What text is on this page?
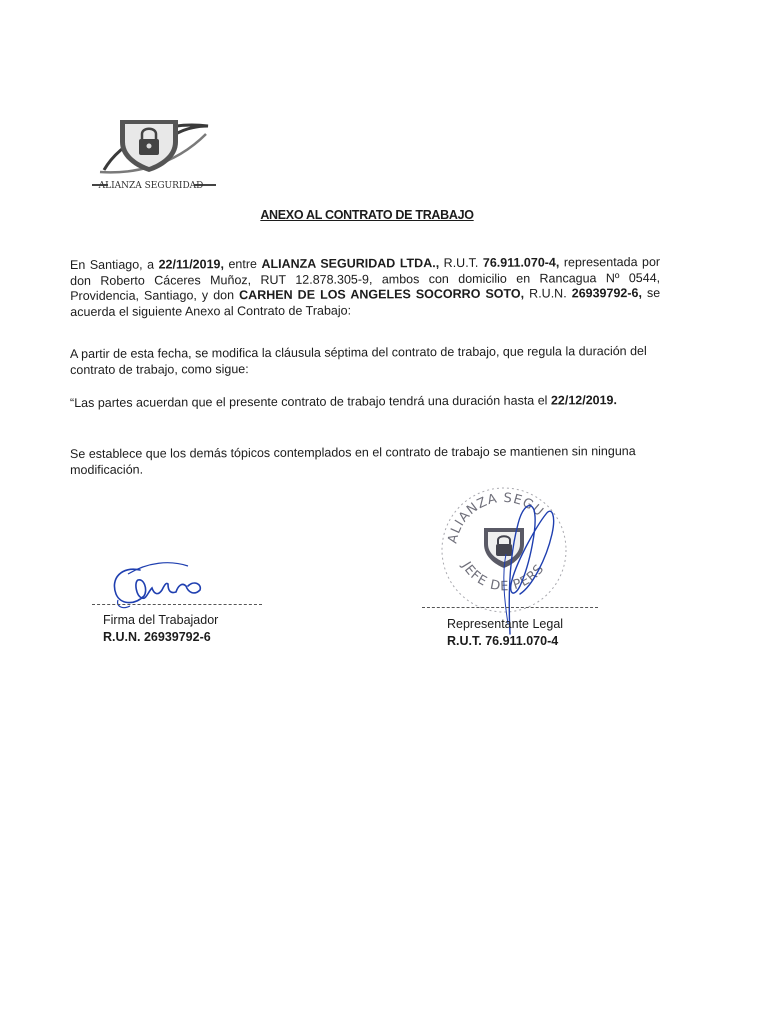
ALIANZA SEGURIDAD
ANEXO AL CONTRATO DE TRABAJO

En Santiago, a 22/11/2019, entre ALIANZA SEGURIDAD LTDA., R.U.T. 76.911.070-4, representada por don Roberto Cáceres Muñoz, RUT 12.878.305-9, ambos con domicilio en Rancagua Nº 0544, Providencia, Santiago, y don CARHEN DE LOS ANGELES SOCORRO SOTO, R.U.N. 26939792-6, se acuerda el siguiente Anexo al Contrato de Trabajo:

A partir de esta fecha, se modifica la cláusula séptima del contrato de trabajo, que regula la duración del contrato de trabajo, como sigue:

“Las partes acuerdan que el presente contrato de trabajo tendrá una duración hasta el 22/12/2019.

Se establece que los demás tópicos contemplados en el contrato de trabajo se mantienen sin ninguna modificación.

ALIANZA SEGU
JEFE DE PERS
Firma del Trabajador
R.U.N. 26939792-6
Representante Legal
R.U.T. 76.911.070-4
